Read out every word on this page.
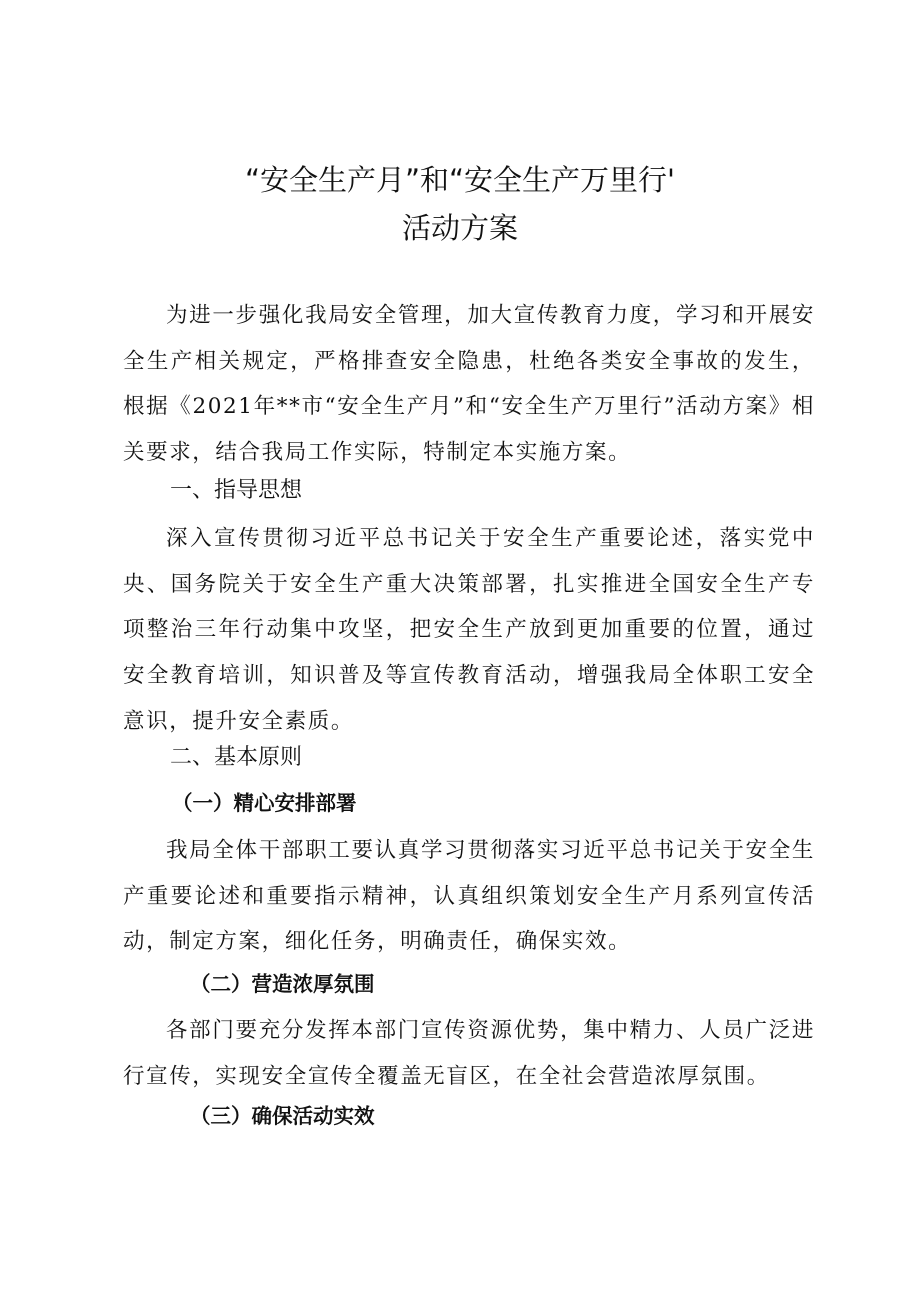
“安全生产月”和“安全生产万里行'
活动方案

为进一步强化我局安全管理，加大宣传教育力度，学习和开展安全生产相关规定，严格排查安全隐患，杜绝各类安全事故的发生，根据《2021年**市“安全生产月”和“安全生产万里行”活动方案》相关要求，结合我局工作实际，特制定本实施方案。

一、指导思想

深入宣传贯彻习近平总书记关于安全生产重要论述，落实党中央、国务院关于安全生产重大决策部署，扎实推进全国安全生产专项整治三年行动集中攻坚，把安全生产放到更加重要的位置，通过安全教育培训，知识普及等宣传教育活动，增强我局全体职工安全意识，提升安全素质。

二、基本原则
（一）精心安排部署

我局全体干部职工要认真学习贯彻落实习近平总书记关于安全生产重要论述和重要指示精神，认真组织策划安全生产月系列宣传活动，制定方案，细化任务，明确责任，确保实效。

（二）营造浓厚氛围

各部门要充分发挥本部门宣传资源优势，集中精力、人员广泛进行宣传，实现安全宣传全覆盖无盲区，在全社会营造浓厚氛围。

（三）确保活动实效
